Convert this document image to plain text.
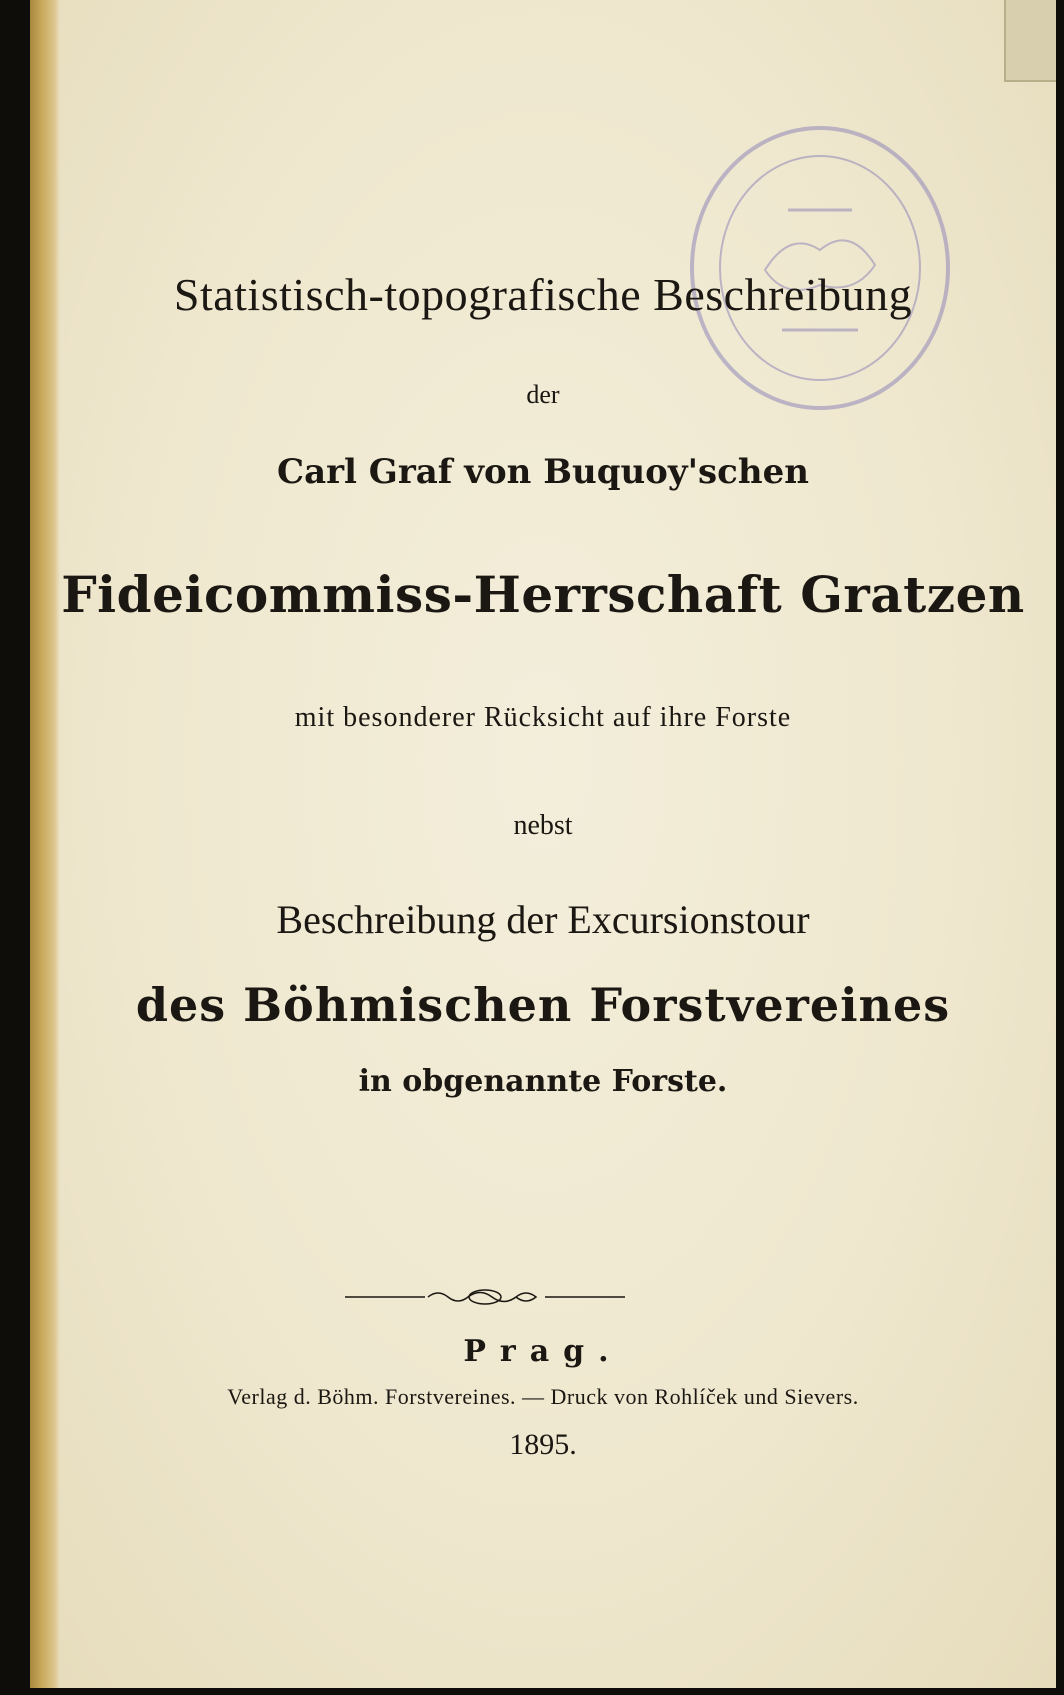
Statistisch-topografische Beschreibung
der
Carl Graf von Buquoy'schen
Fideicommiss-Herrschaft Gratzen
mit besonderer Rücksicht auf ihre Forste
nebst
Beschreibung der Excursionstour
des Böhmischen Forstvereines
in obgenannte Forste.
Prag.
Verlag d. Böhm. Forstvereines. — Druck von Rohlíček und Sievers.
1895.
